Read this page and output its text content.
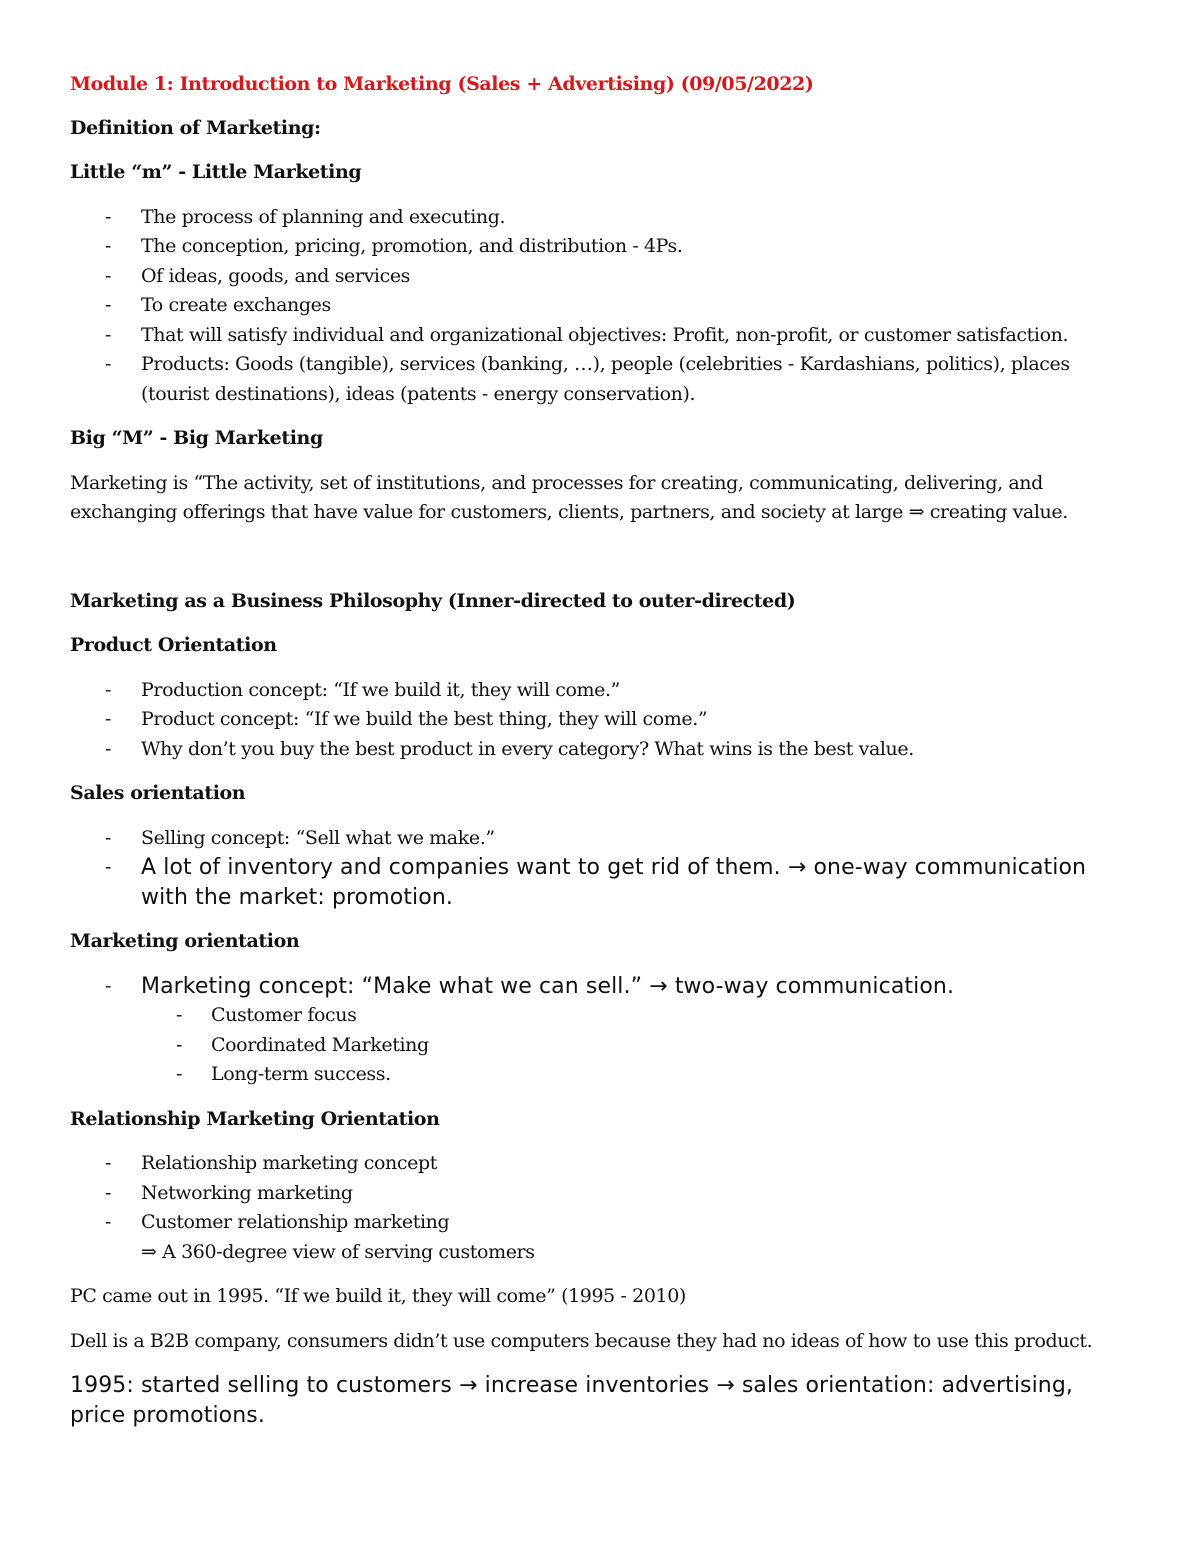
Module 1: Introduction to Marketing (Sales + Advertising) (09/05/2022)

Definition of Marketing:

Little “m” - Little Marketing

- The process of planning and executing.
- The conception, pricing, promotion, and distribution - 4Ps.
- Of ideas, goods, and services
- To create exchanges
- That will satisfy individual and organizational objectives: Profit, non-profit, or customer satisfaction.
- Products: Goods (tangible), services (banking, …), people (celebrities - Kardashians, politics), places (tourist destinations), ideas (patents - energy conservation).

Big “M” - Big Marketing

Marketing is “The activity, set of institutions, and processes for creating, communicating, delivering, and exchanging offerings that have value for customers, clients, partners, and society at large ⇒ creating value.

Marketing as a Business Philosophy (Inner-directed to outer-directed)

Product Orientation

- Production concept: “If we build it, they will come.”
- Product concept: “If we build the best thing, they will come.”
- Why don’t you buy the best product in every category? What wins is the best value.

Sales orientation

- Selling concept: “Sell what we make.”
- A lot of inventory and companies want to get rid of them. → one-way communication with the market: promotion.

Marketing orientation

- Marketing concept: “Make what we can sell.” → two-way communication.
- Customer focus
- Coordinated Marketing
- Long-term success.

Relationship Marketing Orientation

- Relationship marketing concept
- Networking marketing
- Customer relationship marketing

⇒ A 360-degree view of serving customers

PC came out in 1995. “If we build it, they will come” (1995 - 2010)

Dell is a B2B company, consumers didn’t use computers because they had no ideas of how to use this product.

1995: started selling to customers → increase inventories → sales orientation: advertising, price promotions.
